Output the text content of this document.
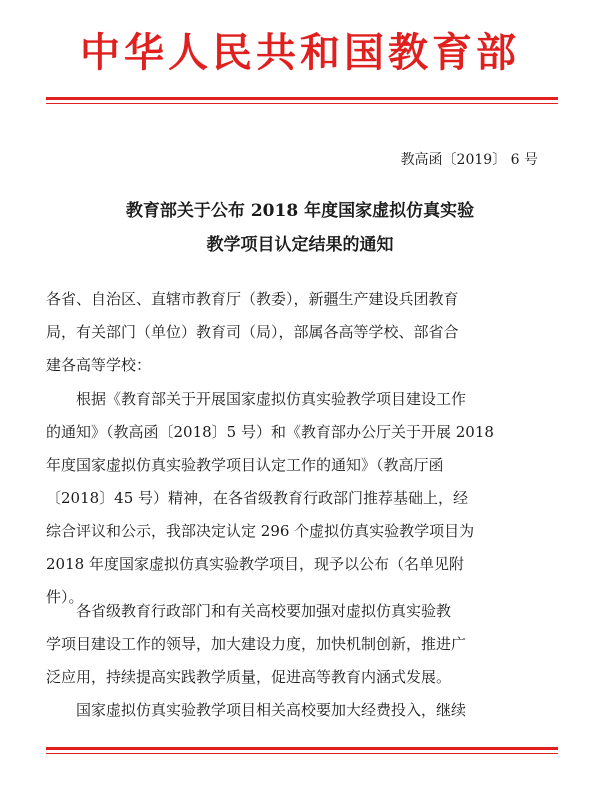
中华人民共和国教育部
教高函〔2019〕 6 号
教育部关于公布 2018 年度国家虚拟仿真实验
教学项目认定结果的通知
各省、自治区、直辖市教育厅（教委），新疆生产建设兵团教育
局，有关部门（单位）教育司（局），部属各高等学校、部省合
建各高等学校：
根据《教育部关于开展国家虚拟仿真实验教学项目建设工作
的通知》（教高函〔2018〕5 号）和《教育部办公厅关于开展 2018
年度国家虚拟仿真实验教学项目认定工作的通知》（教高厅函
〔2018〕45 号）精神，在各省级教育行政部门推荐基础上，经
综合评议和公示，我部决定认定 296 个虚拟仿真实验教学项目为
2018 年度国家虚拟仿真实验教学项目，现予以公布（名单见附
件）。
各省级教育行政部门和有关高校要加强对虚拟仿真实验教
学项目建设工作的领导，加大建设力度，加快机制创新，推进广
泛应用，持续提高实践教学质量，促进高等教育内涵式发展。
国家虚拟仿真实验教学项目相关高校要加大经费投入，继续
